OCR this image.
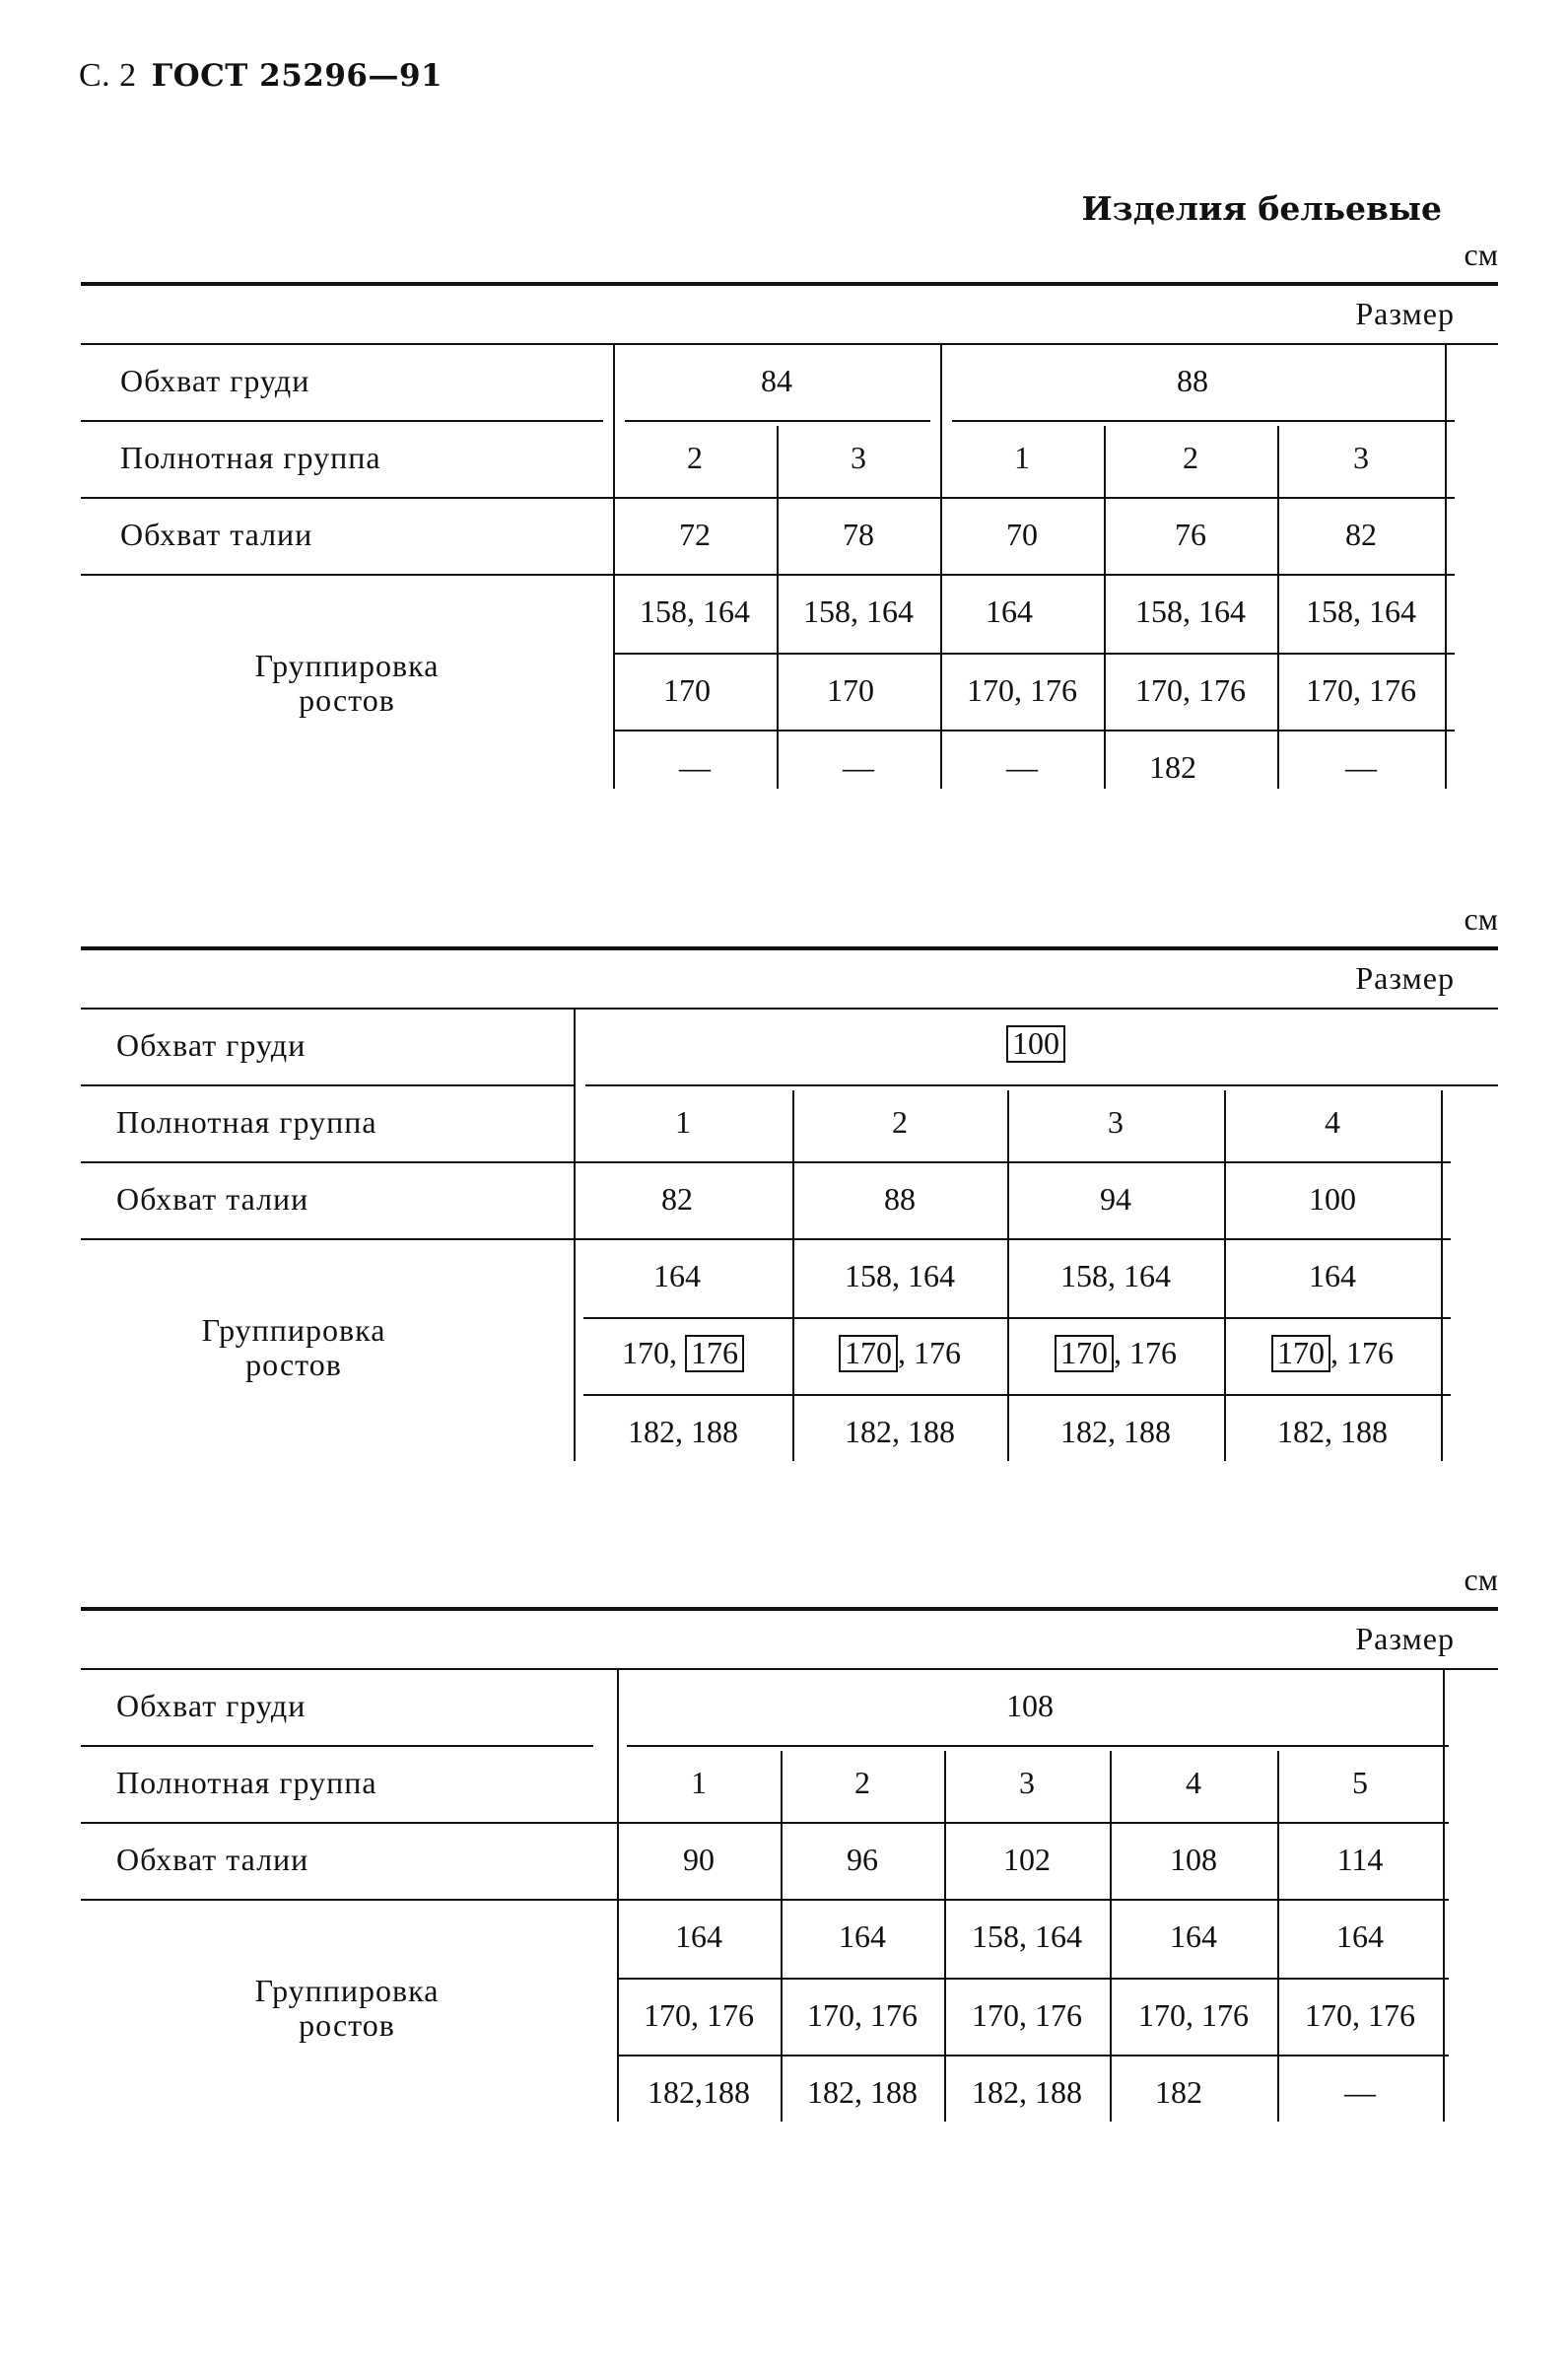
С. 2 ГОСТ 25296—91
Изделия бельевые
см
Размер
Обхват груди
Полнотная группа
Обхват талии
Группировка ростов
84	88
2
72
158, 164
170
—
3
78
158, 164
170
—
1
70
164
170, 176
—
2
76
158, 164
170, 176
182
3
82
158, 164
170, 176
—
см
Размер
Обхват груди
Полнотная группа
Обхват талии
Группировка ростов
100
1
82
164
170, 176
182, 188
2
88
158, 164
170 , 176
182, 188
3
94
158, 164
170 , 176
182, 188
4
100
164
170 , 176
182, 188
см
Размер
Обхват груди
Полнотная группа
Обхват талии
Группировка ростов
108
1
90
164
170, 176
182,188
2
96
164
170, 176
182, 188
3
102
158, 164
170, 176
182, 188
4
108
164
170, 176
182
5
114
164
170, 176
—
